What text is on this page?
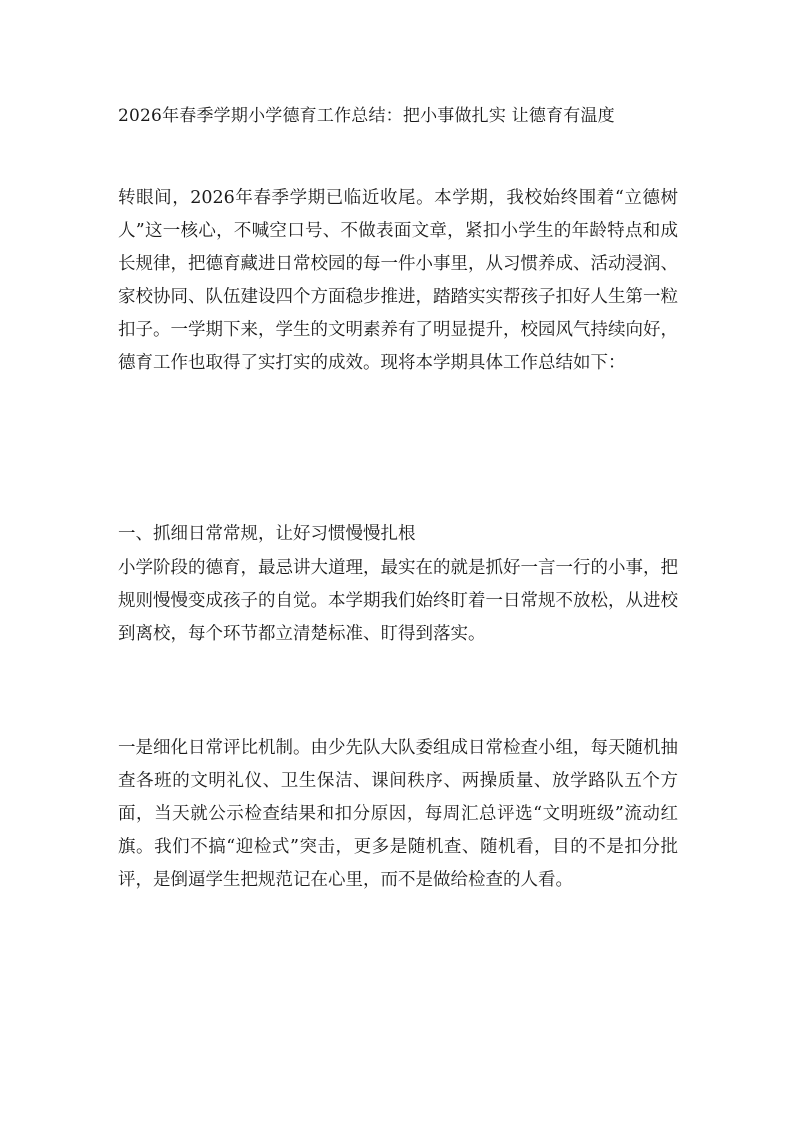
2026年春季学期小学德育工作总结：把小事做扎实 让德育有温度

转眼间，2026年春季学期已临近收尾。本学期，我校始终围着“立德树人”这一核心，不喊空口号、不做表面文章，紧扣小学生的年龄特点和成长规律，把德育藏进日常校园的每一件小事里，从习惯养成、活动浸润、家校协同、队伍建设四个方面稳步推进，踏踏实实帮孩子扣好人生第一粒扣子。一学期下来，学生的文明素养有了明显提升，校园风气持续向好，德育工作也取得了实打实的成效。现将本学期具体工作总结如下：

一、抓细日常常规，让好习惯慢慢扎根

小学阶段的德育，最忌讲大道理，最实在的就是抓好一言一行的小事，把规则慢慢变成孩子的自觉。本学期我们始终盯着一日常规不放松，从进校到离校，每个环节都立清楚标准、盯得到落实。

一是细化日常评比机制。由少先队大队委组成日常检查小组，每天随机抽查各班的文明礼仪、卫生保洁、课间秩序、两操质量、放学路队五个方面，当天就公示检查结果和扣分原因，每周汇总评选“文明班级”流动红旗。我们不搞“迎检式”突击，更多是随机查、随机看，目的不是扣分批评，是倒逼学生把规范记在心里，而不是做给检查的人看。
